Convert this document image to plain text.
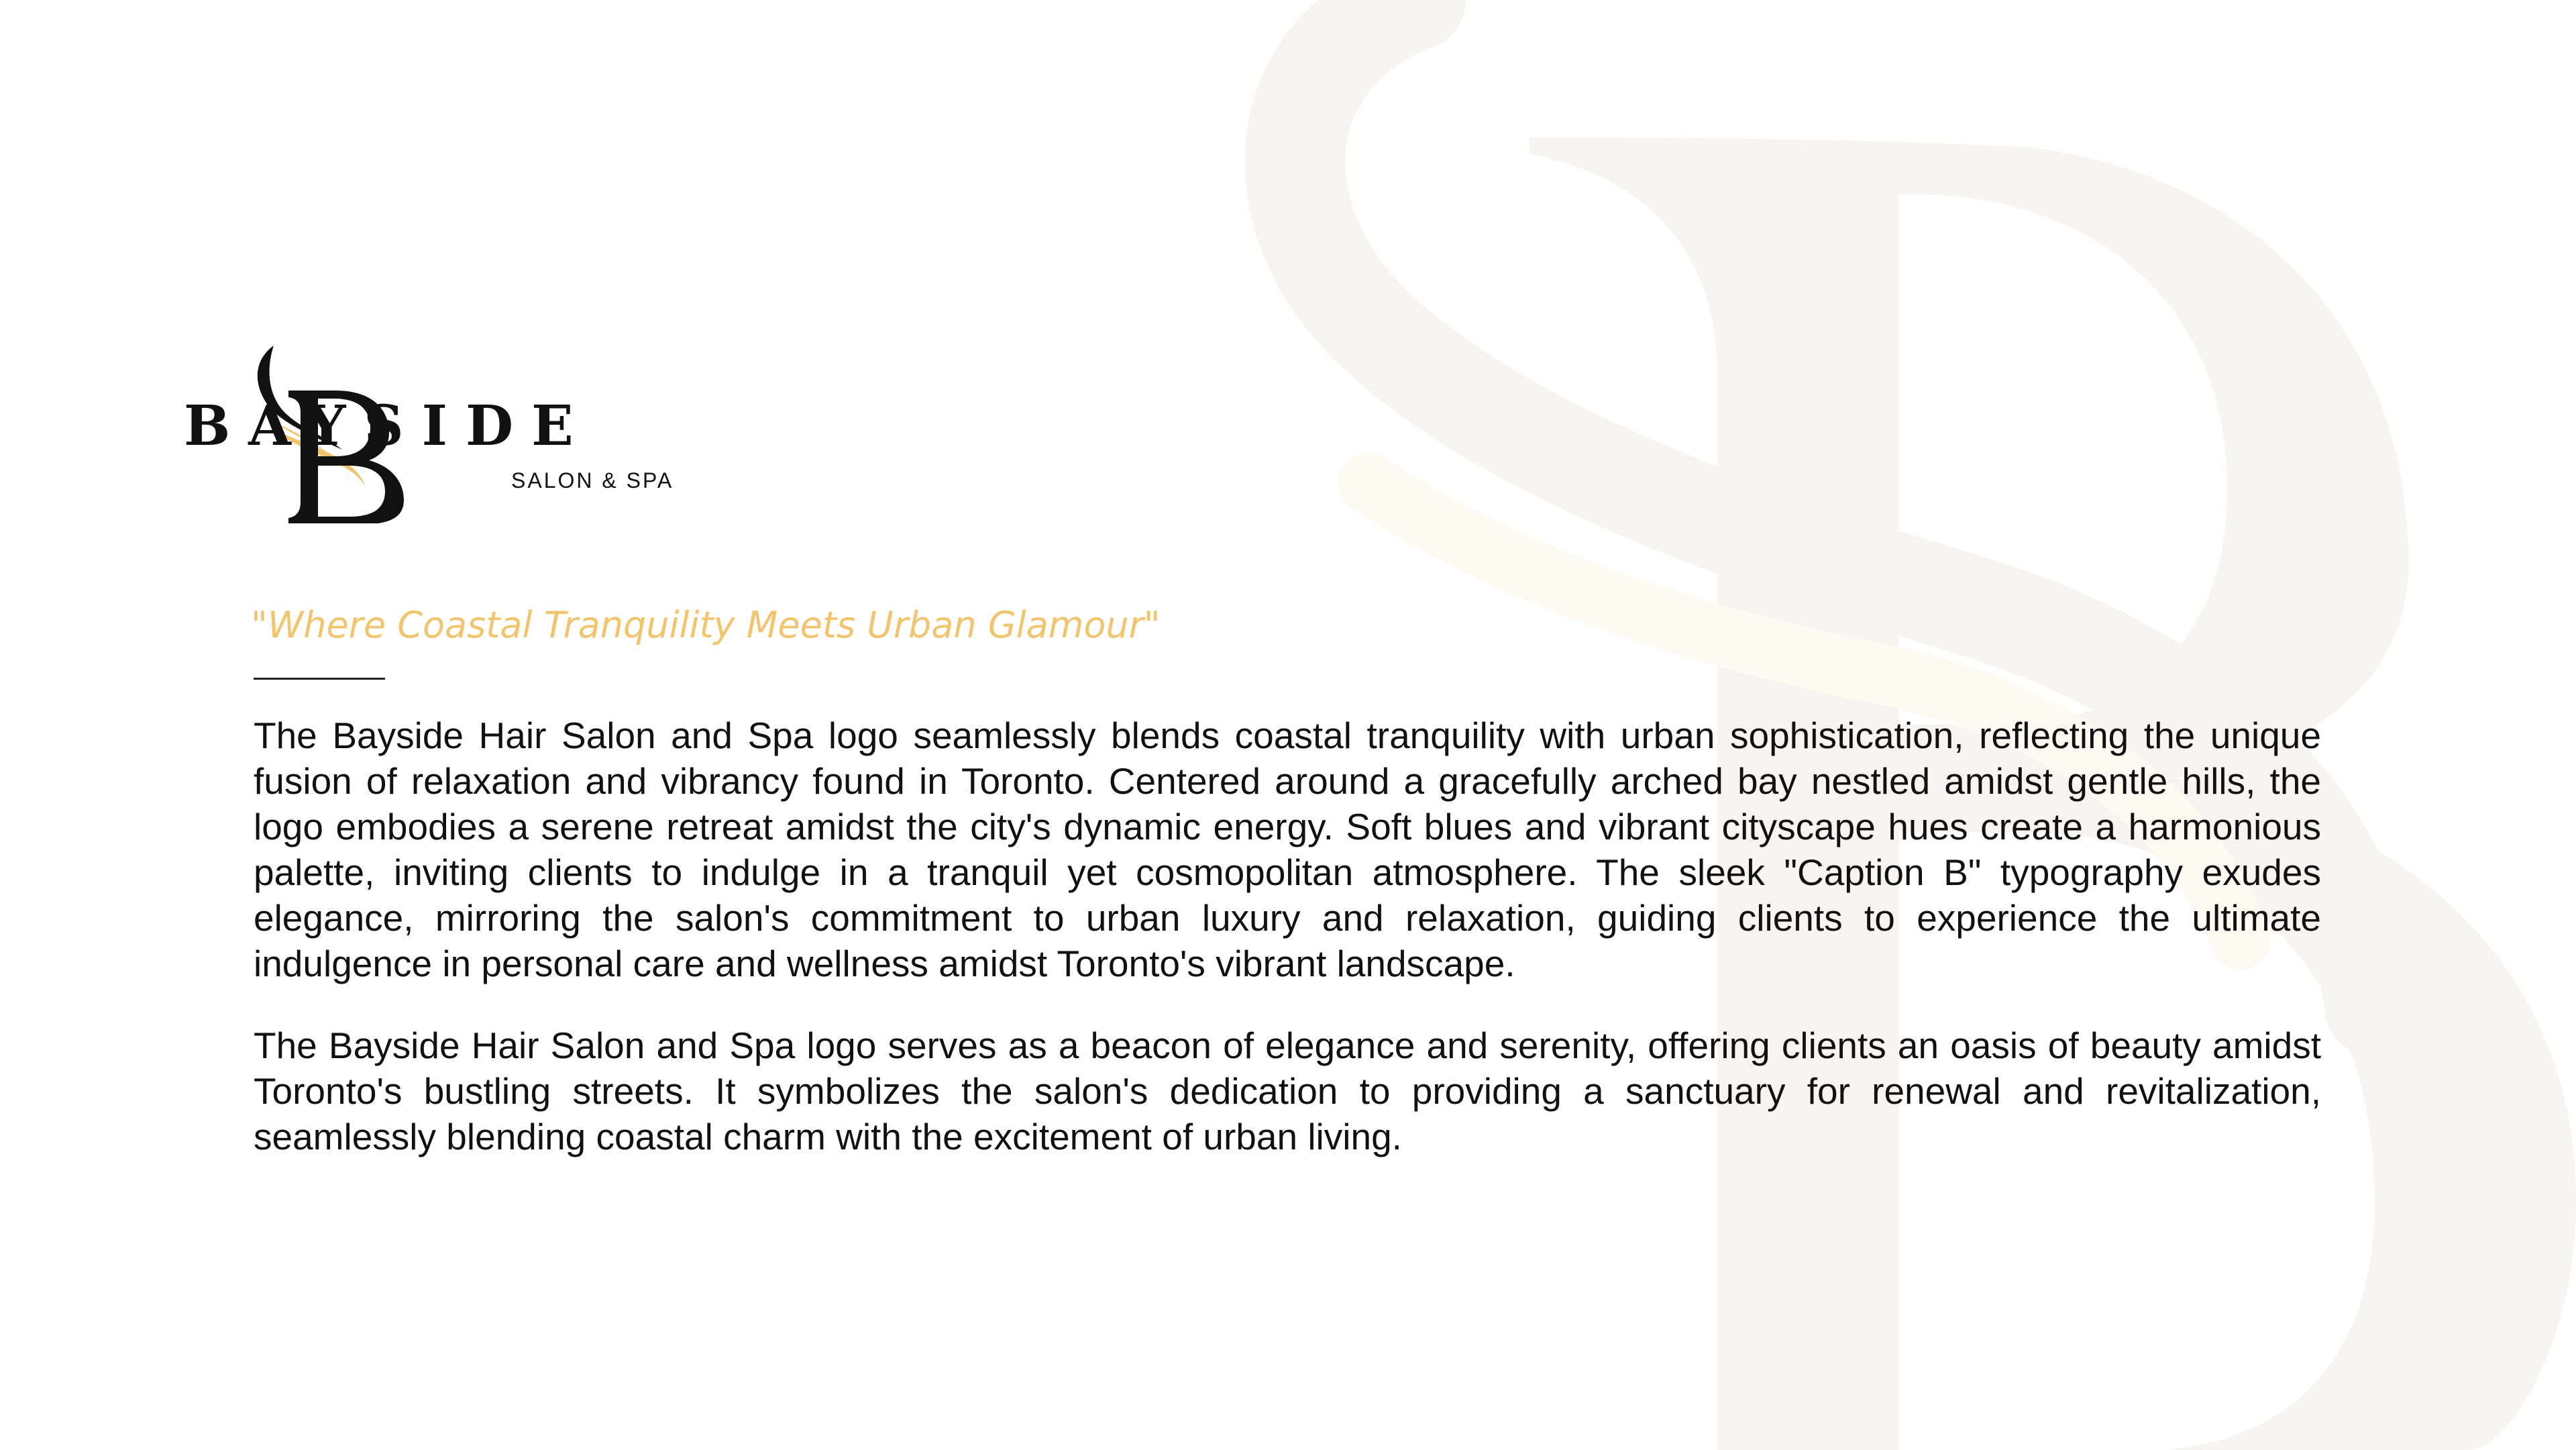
BAYSIDE
SALON & SPA

"Where Coastal Tranquility Meets Urban Glamour"

The Bayside Hair Salon and Spa logo seamlessly blends coastal tranquility with urban sophistication, reflecting the unique fusion of relaxation and vibrancy found in Toronto. Centered around a gracefully arched bay nestled amidst gentle hills, the logo embodies a serene retreat amidst the city's dynamic energy. Soft blues and vibrant cityscape hues create a harmonious palette, inviting clients to indulge in a tranquil yet cosmopolitan atmosphere. The sleek "Caption B" typography exudes elegance, mirroring the salon's commitment to urban luxury and relaxation, guiding clients to experience the ultimate indulgence in personal care and wellness amidst Toronto's vibrant landscape.

The Bayside Hair Salon and Spa logo serves as a beacon of elegance and serenity, offering clients an oasis of beauty amidst Toronto's bustling streets. It symbolizes the salon's dedication to providing a sanctuary for renewal and revitalization, seamlessly blending coastal charm with the excitement of urban living.
